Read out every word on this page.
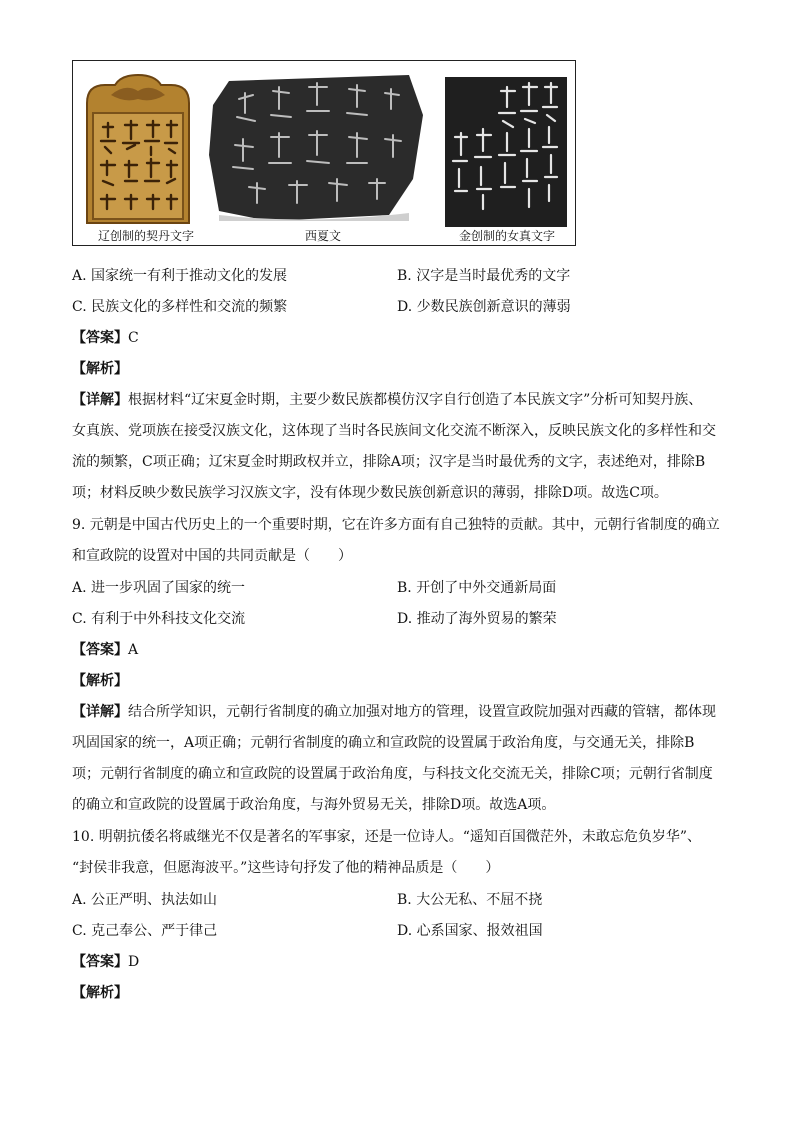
辽创制的契丹文字	西夏文	金创制的女真文字
A. 国家统一有利于推动文化的发展	B. 汉字是当时最优秀的文字
C. 民族文化的多样性和交流的频繁	D. 少数民族创新意识的薄弱
【答案】C
【解析】
【详解】根据材料“辽宋夏金时期，主要少数民族都模仿汉字自行创造了本民族文字”分析可知契丹族、
女真族、党项族在接受汉族文化，这体现了当时各民族间文化交流不断深入，反映民族文化的多样性和交
流的频繁，C项正确；辽宋夏金时期政权并立，排除A项；汉字是当时最优秀的文字，表述绝对，排除B
项；材料反映少数民族学习汉族文字，没有体现少数民族创新意识的薄弱，排除D项。故选C项。
9. 元朝是中国古代历史上的一个重要时期，它在许多方面有自己独特的贡献。其中，元朝行省制度的确立
和宣政院的设置对中国的共同贡献是（　　）
A. 进一步巩固了国家的统一	B. 开创了中外交通新局面
C. 有利于中外科技文化交流	D. 推动了海外贸易的繁荣
【答案】A
【解析】
【详解】结合所学知识，元朝行省制度的确立加强对地方的管理，设置宣政院加强对西藏的管辖，都体现
巩固国家的统一，A项正确；元朝行省制度的确立和宣政院的设置属于政治角度，与交通无关，排除B
项；元朝行省制度的确立和宣政院的设置属于政治角度，与科技文化交流无关，排除C项；元朝行省制度
的确立和宣政院的设置属于政治角度，与海外贸易无关，排除D项。故选A项。
10. 明朝抗倭名将戚继光不仅是著名的军事家，还是一位诗人。“遥知百国微茫外，未敢忘危负岁华”、
“封侯非我意，但愿海波平。”这些诗句抒发了他的精神品质是（　　）
A. 公正严明、执法如山	B. 大公无私、不屈不挠
C. 克己奉公、严于律己	D. 心系国家、报效祖国
【答案】D
【解析】
